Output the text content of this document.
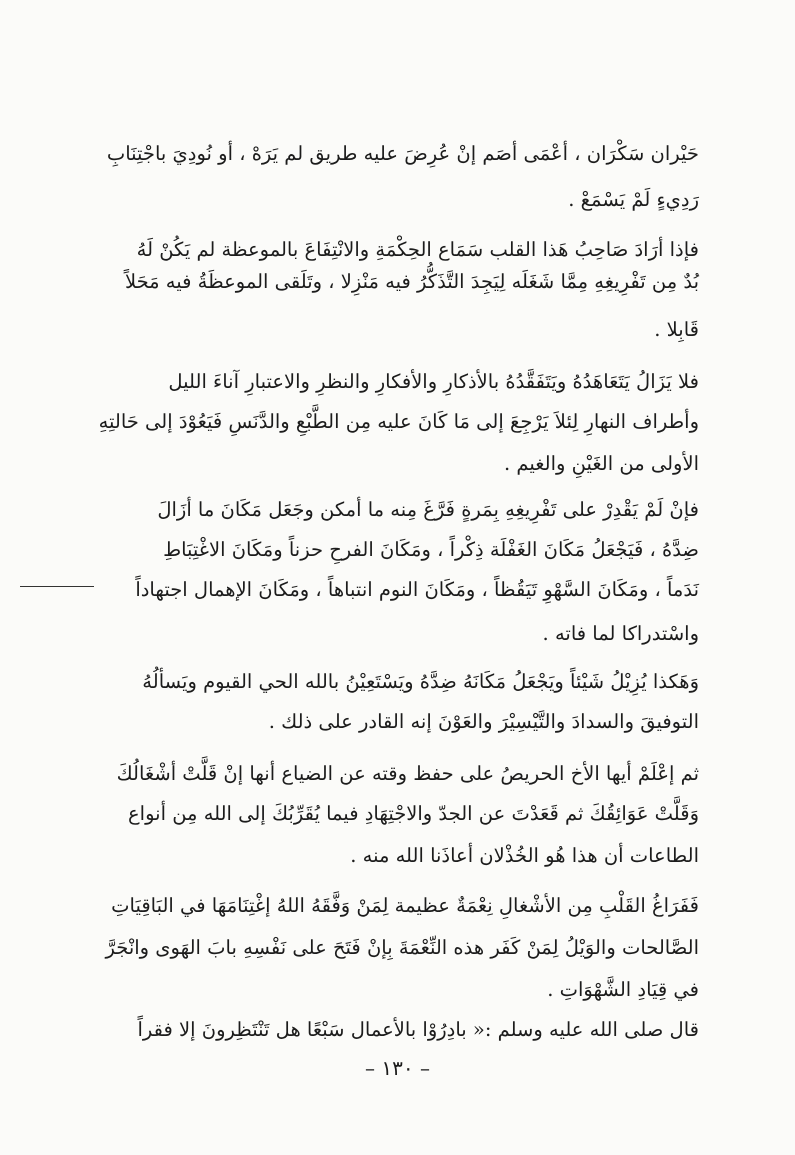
حَيْران سَكْرَان ، أعْمَى أصَم إنْ عُرِضَ عليه طريق لم يَرَهْ ، أو نُودِيَ باجْتِنَابِ
رَدِيءٍ لَمْ يَسْمَعْ .
فإذا أرَادَ صَاحِبُ هَذا القلب سَمَاع الحِكْمَةِ والانْتِفَاعَ بالموعظة لم يَكُنْ لَهُ
بُدٌ مِن تَفْرِيغِهِ مِمَّا شَغَلَه لِيَجِدَ التَّذَكُّرُ فيه مَنْزِلا ، وتَلَقى الموعظَةُ فيه مَحَلاً
قَابِلا .
فلا يَزَالُ يَتَعَاهَدُهُ ويَتَفَقَّدُهُ بالأذكارِ والأفكارِ والنظرِ والاعتبارِ آناءَ الليل
وأطراف النهارِ لِئلاَ يَرْجِعَ إلى مَا كَانَ عليه مِن الطَّبْعِ والدَّنَسِ فَيَعُوْدَ إلى حَالتِهِ
الأولى من الغَيْنِ والغيم .
فإنْ لَمْ يَقْدِرْ على تَفْرِيغِهِ بِمَرةٍ فَرَّغَ مِنه ما أمكن وجَعَل مَكَانَ ما أزَالَ
ضِدَّهُ ، فَيَجْعَلُ مَكَانَ الغَفْلَة ذِكْراً ، ومَكَانَ الفرحِ حزناً ومَكَانَ الاغْتِبَاطِ
نَدَماً ، ومَكَانَ السَّهْوِ تَيَقُظاً ، ومَكَانَ النوم انتباهاً ، ومَكَانَ الإهمال اجتهاداً
واسْتدراكا لما فاته .
وَهَكذا يُزِيْلُ شَيْئاً ويَجْعَلُ مَكَانَهُ ضِدَّهُ ويَسْتَعِيْنُ بالله الحي القيوم ويَسألُهُ
التوفيقَ والسدادَ والتَّيْسِيْرَ والعَوْنَ إنه القادر على ذلك .
ثم إعْلَمْ أيها الأخ الحريصُ على حفظ وقته عن الضياع أنها إنْ قَلَّتْ أشْغَالُكَ
وَقَلَّتْ عَوَائِقُكَ ثم قَعَدْتَ عن الجدّ والاجْتِهَادِ فيما يُقَرِّبُكَ إلى الله مِن أنواع
الطاعات أن هذا هُو الخُذْلان أعاذَنا الله منه .
فَفَرَاغُ القَلْبِ مِن الأشْغالِ نِعْمَةٌ عظيمة لِمَنْ وَفَّقَهُ اللهُ إغْتِنَامَهَا في البَاقِيَاتِ
الصَّالحات والوَيْلُ لِمَنْ كَفَر هذه النِّعْمَةَ بِإنْ فَتَحَ على نَفْسِهِ بابَ الهَوى وانْجَرَّ
في قِيَادِ الشَّهْوَاتِ .
قال صلى الله عليه وسلم :« بادِرُوْا بالأعمال سَبْعًا هل تَنْتَظِرونَ إلا فقراً
– ١٣٠ –
